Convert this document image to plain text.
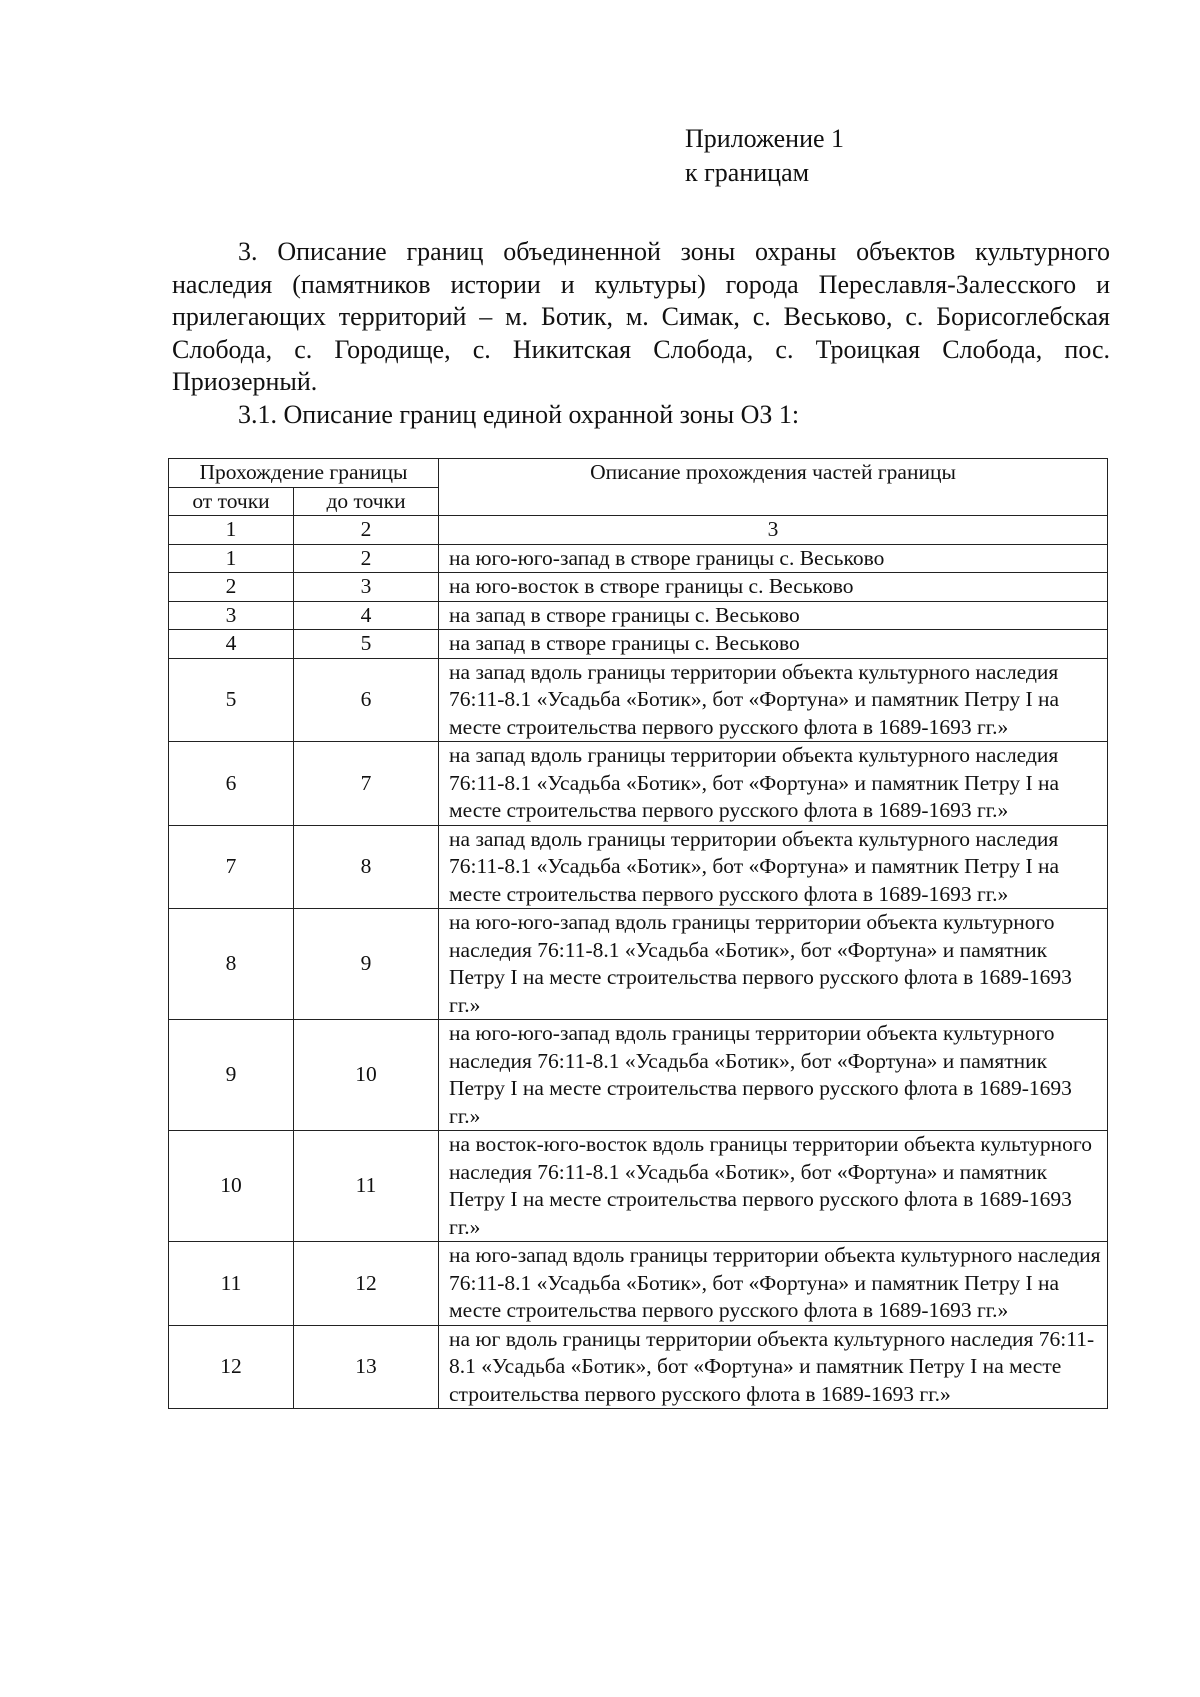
Приложение 1
к границам

3. Описание границ объединенной зоны охраны объектов культурного наследия (памятников истории и культуры) города Переславля-Залесского и прилегающих территорий – м. Ботик, м. Симак, с. Веськово, с. Борисоглебская Слобода, с. Городище, с. Никитская Слобода, с. Троицкая Слобода, пос. Приозерный.

3.1. Описание границ единой охранной зоны ОЗ 1:

Прохождение границы		Описание прохождения частей границы
от точки	до точки	
1	2	3
1	2	на юго-юго-запад в створе границы с. Веськово
2	3	на юго-восток в створе границы с. Веськово
3	4	на запад в створе границы с. Веськово
4	5	на запад в створе границы с. Веськово
5	6	на запад вдоль границы территории объекта культурного наследия 76:11-8.1 «Усадьба «Ботик», бот «Фортуна» и памятник Петру I на месте строительства первого русского флота в 1689-1693 гг.»
6	7	на запад вдоль границы территории объекта культурного наследия 76:11-8.1 «Усадьба «Ботик», бот «Фортуна» и памятник Петру I на месте строительства первого русского флота в 1689-1693 гг.»
7	8	на запад вдоль границы территории объекта культурного наследия 76:11-8.1 «Усадьба «Ботик», бот «Фортуна» и памятник Петру I на месте строительства первого русского флота в 1689-1693 гг.»
8	9	на юго-юго-запад вдоль границы территории объекта культурного наследия 76:11-8.1 «Усадьба «Ботик», бот «Фортуна» и памятник Петру I на месте строительства первого русского флота в 1689-1693 гг.»
9	10	на юго-юго-запад вдоль границы территории объекта культурного наследия 76:11-8.1 «Усадьба «Ботик», бот «Фортуна» и памятник Петру I на месте строительства первого русского флота в 1689-1693 гг.»
10	11	на восток-юго-восток вдоль границы территории объекта культурного наследия 76:11-8.1 «Усадьба «Ботик», бот «Фортуна» и памятник Петру I на месте строительства первого русского флота в 1689-1693 гг.»
11	12	на юго-запад вдоль границы территории объекта культурного наследия 76:11-8.1 «Усадьба «Ботик», бот «Фортуна» и памятник Петру I на месте строительства первого русского флота в 1689-1693 гг.»
12	13	на юг вдоль границы территории объекта культурного наследия 76:11-8.1 «Усадьба «Ботик», бот «Фортуна» и памятник Петру I на месте строительства первого русского флота в 1689-1693 гг.»
